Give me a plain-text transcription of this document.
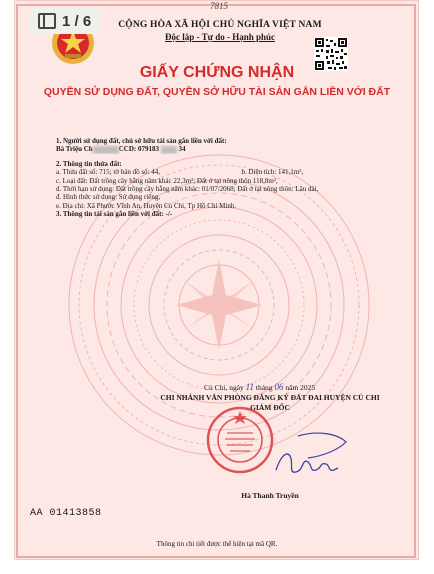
1 / 6
7815
CỘNG HÒA XÃ HỘI CHỦ NGHĨA VIỆT NAM
Độc lập - Tự do - Hạnh phúc
GIẤY CHỨNG NHẬN
QUYỀN SỬ DỤNG ĐẤT, QUYỀN SỞ HỮU TÀI SẢN GẮN LIỀN VỚI ĐẤT
1. Người sử dụng đất, chủ sở hữu tài sản gắn liền với đất:
Bà Triệu Ch	CCD: 079183	34
2. Thông tin thửa đất:
a. Thửa đất số: 715; tờ bản đồ số: 44,	b. Diện tích: 141,1m²,
c. Loại đất: Đất trồng cây hằng năm khác 22,3m²; Đất ở tại nông thôn 118,8m²,
d. Thời hạn sử dụng: Đất trồng cây hằng năm khác: 01/07/2068; Đất ở tại nông thôn: Lâu dài,
đ. Hình thức sử dụng: Sử dụng riêng,
e. Địa chỉ: Xã Phước Vĩnh An, Huyện Củ Chi, Tp Hồ Chí Minh.
3. Thông tin tài sản gắn liền với đất: -/-
Củ Chi, ngày 11 tháng 06 năm 2025
CHI NHÁNH VĂN PHÒNG ĐĂNG KÝ ĐẤT ĐAI HUYỆN CỦ CHI
GIÁM ĐỐC
Hà Thanh Truyền
AA 01413858
Thông tin chi tiết được thể hiện tại mã QR.
